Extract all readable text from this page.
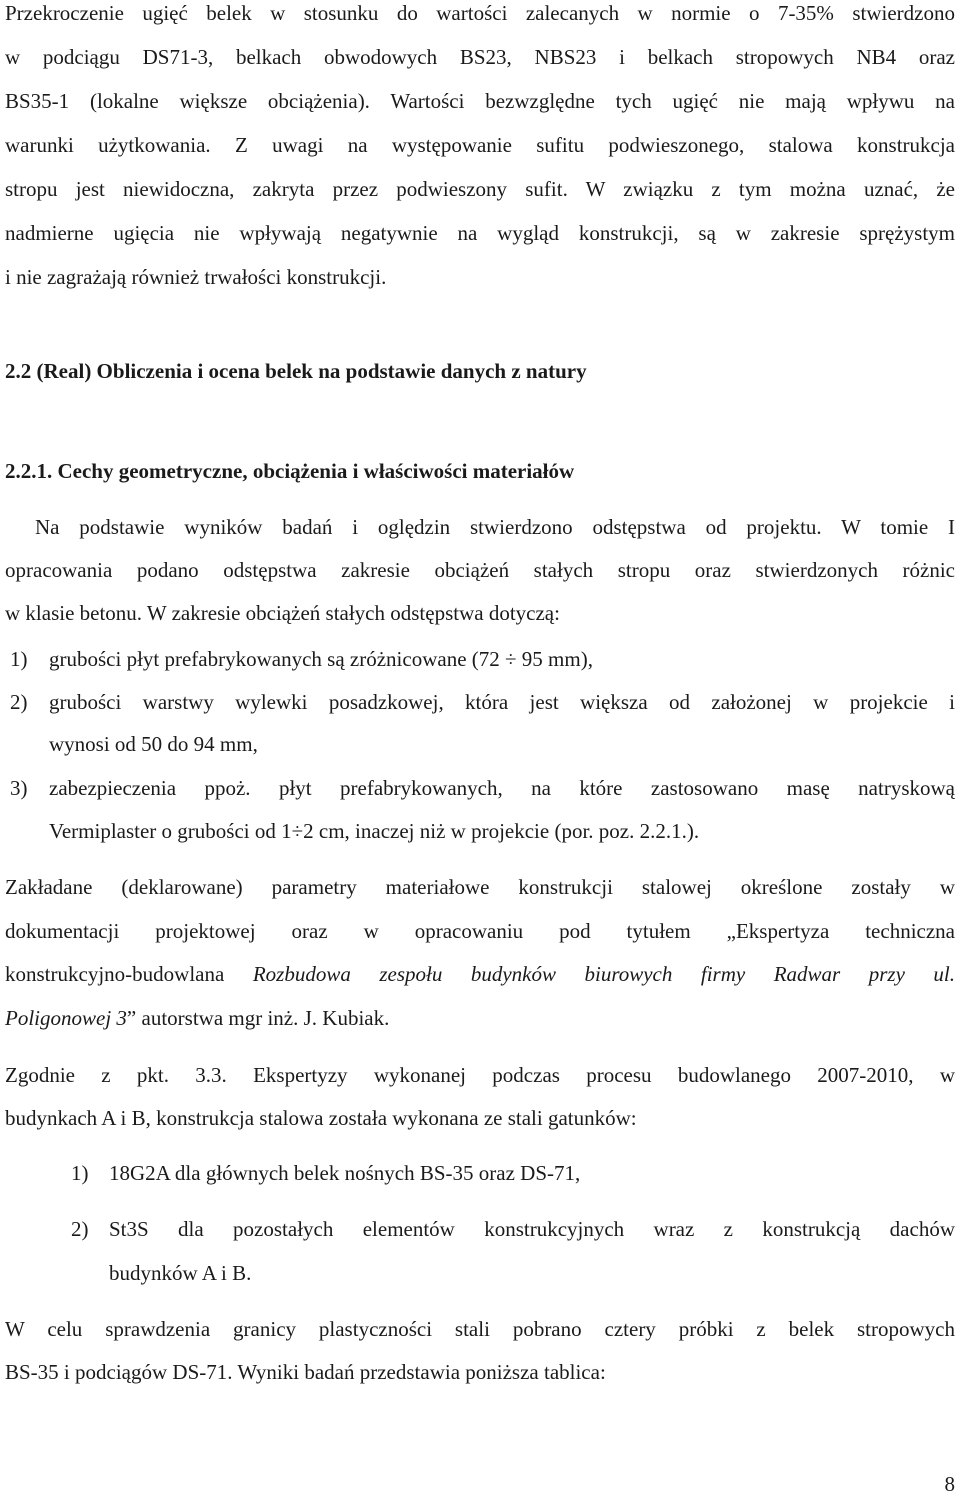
Przekroczenie ugięć belek w stosunku do wartości zalecanych w normie o 7-35% stwierdzono
w podciągu DS71-3, belkach obwodowych BS23, NBS23 i belkach stropowych NB4 oraz
BS35-1 (lokalne większe obciążenia). Wartości bezwzględne tych ugięć nie mają wpływu na
warunki użytkowania. Z uwagi na występowanie sufitu podwieszonego, stalowa konstrukcja
stropu jest niewidoczna, zakryta przez podwieszony sufit. W związku z tym można uznać, że
nadmierne ugięcia nie wpływają negatywnie na wygląd konstrukcji, są w zakresie sprężystym
i nie zagrażają również trwałości konstrukcji.
2.2 (Real) Obliczenia i ocena belek na podstawie danych z natury
2.2.1. Cechy geometryczne, obciążenia i właściwości materiałów
Na podstawie wyników badań i oględzin stwierdzono odstępstwa od projektu. W tomie I
opracowania podano odstępstwa zakresie obciążeń stałych stropu oraz stwierdzonych różnic
w klasie betonu. W zakresie obciążeń stałych odstępstwa dotyczą:
1) grubości płyt prefabrykowanych są zróżnicowane (72 ÷ 95 mm),
2) grubości warstwy wylewki posadzkowej, która jest większa od założonej w projekcie i
wynosi od 50 do 94 mm,
3) zabezpieczenia ppoż. płyt prefabrykowanych, na które zastosowano masę natryskową
Vermiplaster o grubości od 1÷2 cm, inaczej niż w projekcie (por. poz. 2.2.1.).
Zakładane (deklarowane) parametry materiałowe konstrukcji stalowej określone zostały w
dokumentacji projektowej oraz w opracowaniu pod tytułem „Ekspertyza techniczna
konstrukcyjno-budowlana Rozbudowa zespołu budynków biurowych firmy Radwar przy ul.
Poligonowej 3” autorstwa mgr inż. J. Kubiak.
Zgodnie z pkt. 3.3. Ekspertyzy wykonanej podczas procesu budowlanego 2007-2010, w
budynkach A i B, konstrukcja stalowa została wykonana ze stali gatunków:
1) 18G2A dla głównych belek nośnych BS-35 oraz DS-71,
2) St3S dla pozostałych elementów konstrukcyjnych wraz z konstrukcją dachów
budynków A i B.
W celu sprawdzenia granicy plastyczności stali pobrano cztery próbki z belek stropowych
BS-35 i podciągów DS-71. Wyniki badań przedstawia poniższa tablica:
8
